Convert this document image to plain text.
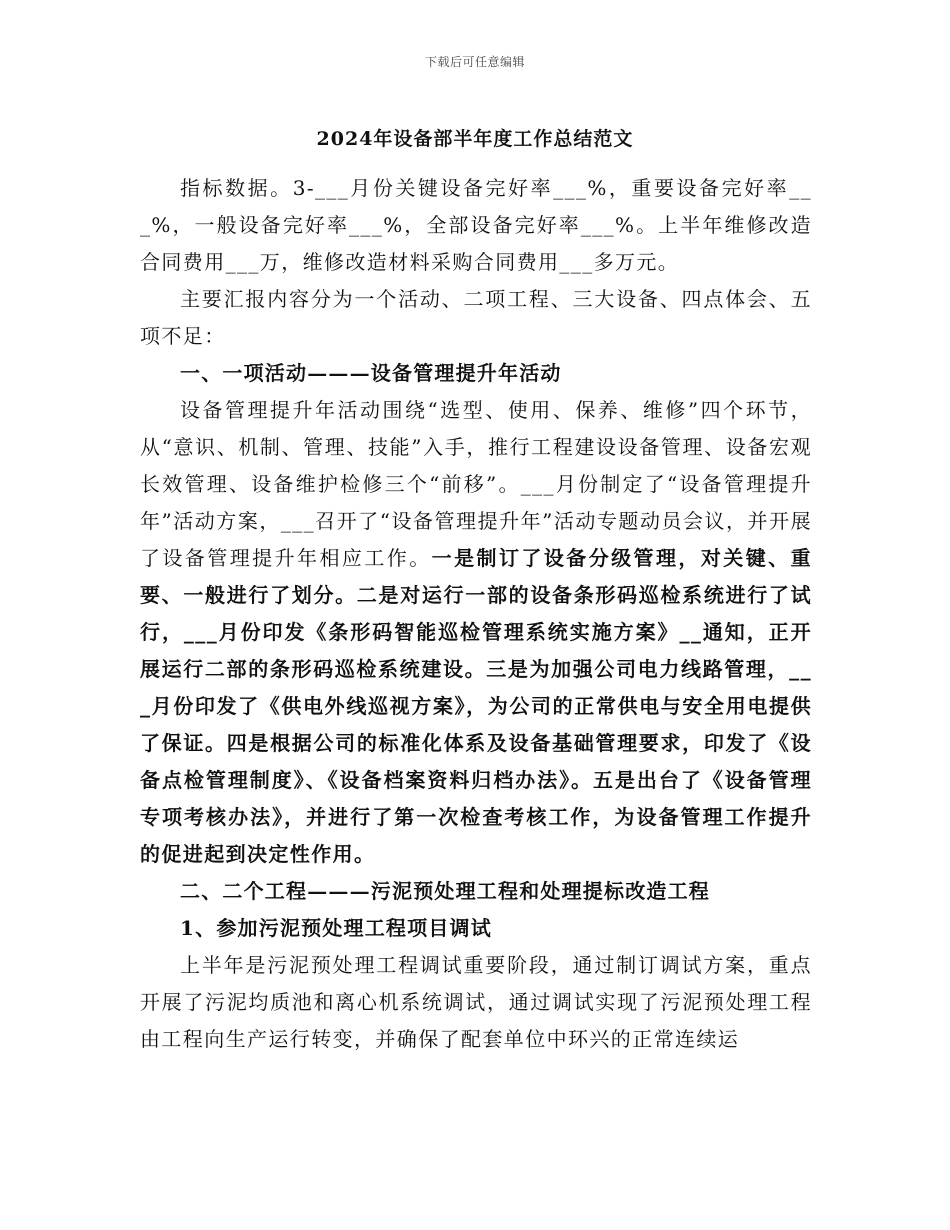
下载后可任意编辑
2024年设备部半年度工作总结范文

指标数据。3-___月份关键设备完好率___%，重要设备完好率___%，一般设备完好率___%，全部设备完好率___%。上半年维修改造合同费用___万，维修改造材料采购合同费用___多万元。

主要汇报内容分为一个活动、二项工程、三大设备、四点体会、五项不足：

一、一项活动———设备管理提升年活动

设备管理提升年活动围绕“选型、使用、保养、维修”四个环节，从“意识、机制、管理、技能”入手，推行工程建设设备管理、设备宏观长效管理、设备维护检修三个“前移”。___月份制定了“设备管理提升年”活动方案，___召开了“设备管理提升年”活动专题动员会议，并开展了设备管理提升年相应工作。一是制订了设备分级管理，对关键、重要、一般进行了划分。二是对运行一部的设备条形码巡检系统进行了试行，___月份印发《条形码智能巡检管理系统实施方案》__通知，正开展运行二部的条形码巡检系统建设。三是为加强公司电力线路管理，___月份印发了《供电外线巡视方案》，为公司的正常供电与安全用电提供了保证。四是根据公司的标准化体系及设备基础管理要求，印发了《设备点检管理制度》、《设备档案资料归档办法》。五是出台了《设备管理专项考核办法》，并进行了第一次检查考核工作，为设备管理工作提升的促进起到决定性作用。

二、二个工程———污泥预处理工程和处理提标改造工程

1、参加污泥预处理工程项目调试

上半年是污泥预处理工程调试重要阶段，通过制订调试方案，重点开展了污泥均质池和离心机系统调试，通过调试实现了污泥预处理工程由工程向生产运行转变，并确保了配套单位中环兴的正常连续运
